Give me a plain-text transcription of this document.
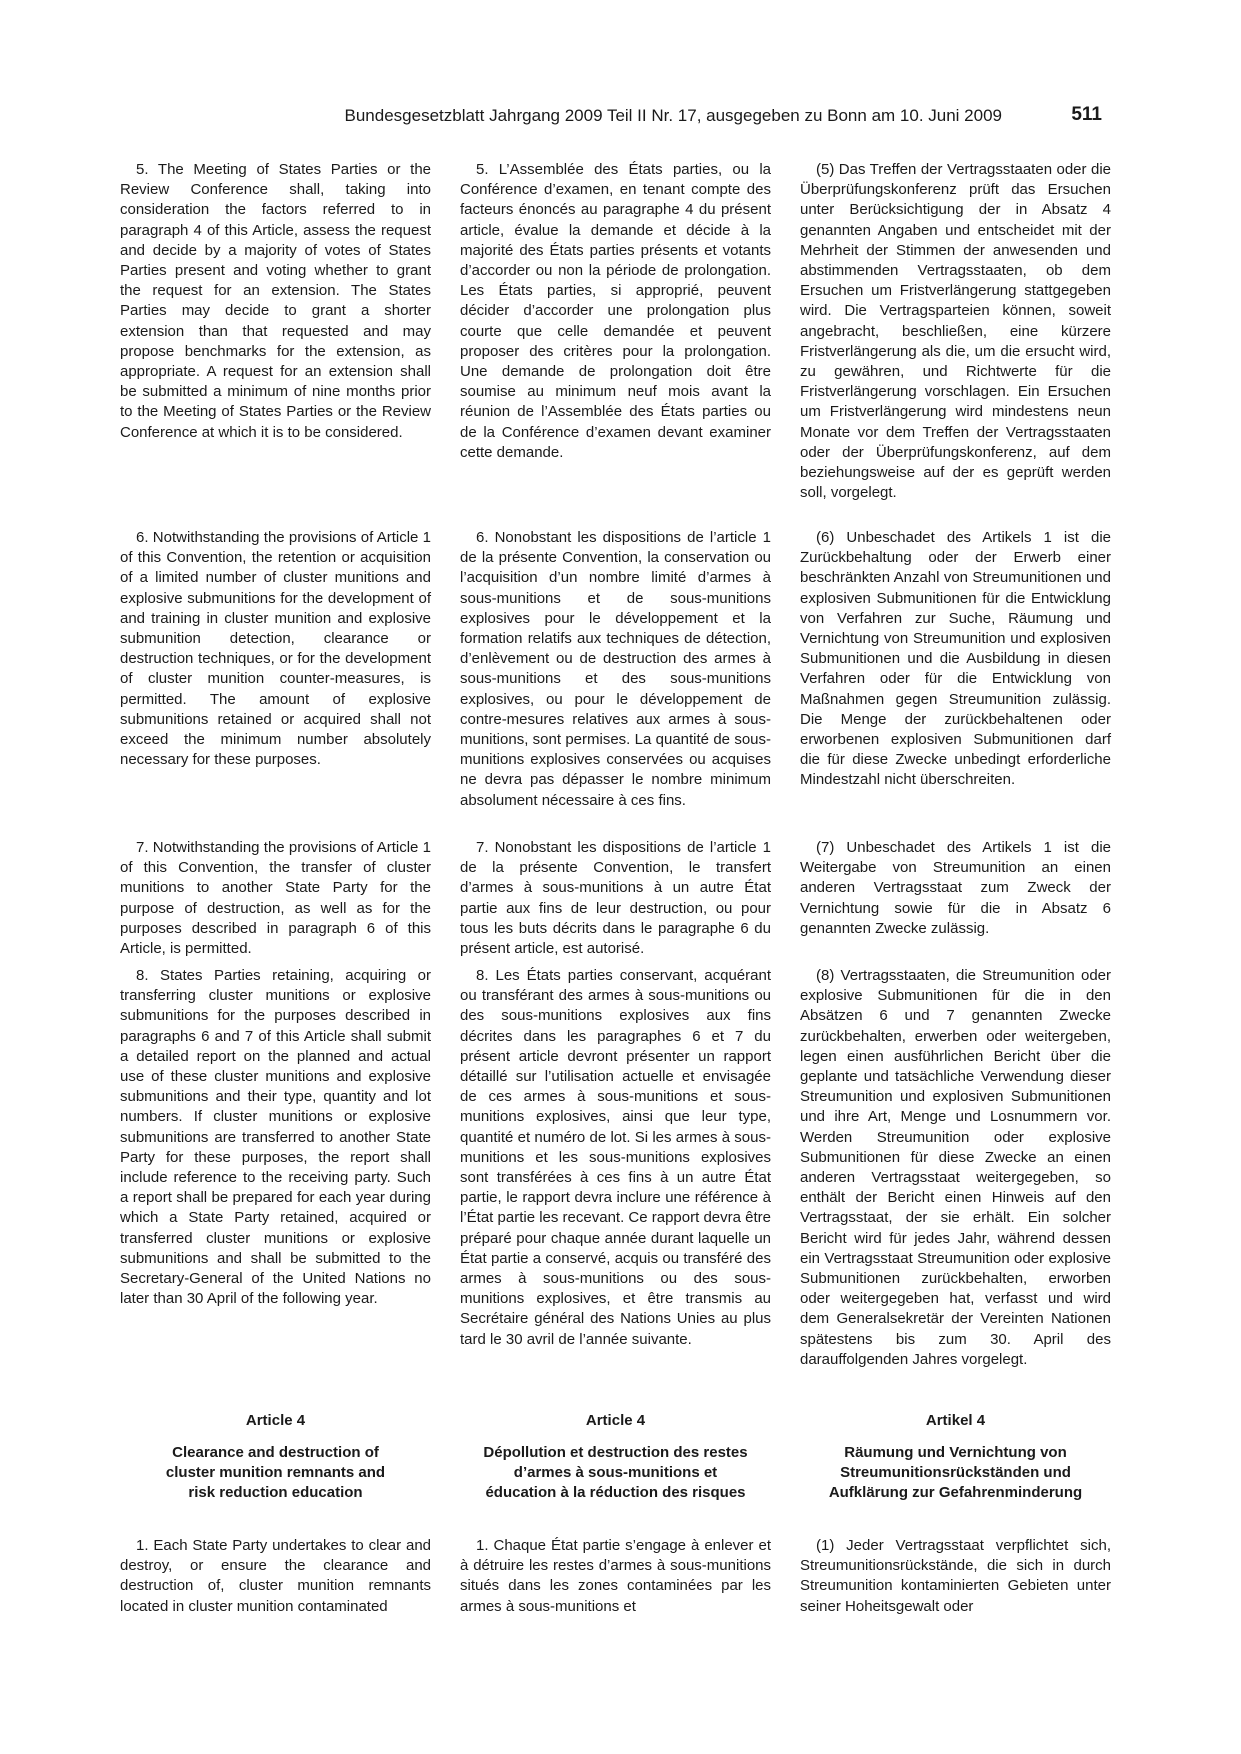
Bundesgesetzblatt Jahrgang 2009 Teil II Nr. 17, ausgegeben zu Bonn am 10. Juni 2009	511

5. The Meeting of States Parties or the Review Conference shall, taking into consideration the factors referred to in paragraph 4 of this Article, assess the request and decide by a majority of votes of States Parties present and voting whether to grant the request for an extension. The States Parties may decide to grant a shorter extension than that requested and may propose benchmarks for the extension, as appropriate. A request for an extension shall be submitted a minimum of nine months prior to the Meeting of States Parties or the Review Conference at which it is to be considered.

5. L’Assemblée des États parties, ou la Conférence d’examen, en tenant compte des facteurs énoncés au paragraphe 4 du présent article, évalue la demande et décide à la majorité des États parties présents et votants d’accorder ou non la période de prolongation. Les États parties, si approprié, peuvent décider d’accorder une prolongation plus courte que celle demandée et peuvent proposer des critères pour la prolongation. Une demande de prolongation doit être soumise au minimum neuf mois avant la réunion de l’Assemblée des États parties ou de la Conférence d’examen devant examiner cette demande.

(5) Das Treffen der Vertragsstaaten oder die Überprüfungskonferenz prüft das Ersuchen unter Berücksichtigung der in Absatz 4 genannten Angaben und entscheidet mit der Mehrheit der Stimmen der anwesenden und abstimmenden Vertragsstaaten, ob dem Ersuchen um Fristverlängerung stattgegeben wird. Die Vertragsparteien können, soweit angebracht, beschließen, eine kürzere Fristverlängerung als die, um die ersucht wird, zu gewähren, und Richtwerte für die Fristverlängerung vorschlagen. Ein Ersuchen um Fristverlängerung wird mindestens neun Monate vor dem Treffen der Vertragsstaaten oder der Überprüfungskonferenz, auf dem beziehungsweise auf der es geprüft werden soll, vorgelegt.

6. Notwithstanding the provisions of Article 1 of this Convention, the retention or acquisition of a limited number of cluster munitions and explosive submunitions for the development of and training in cluster munition and explosive submunition detection, clearance or destruction techniques, or for the development of cluster munition counter-measures, is permitted. The amount of explosive submunitions retained or acquired shall not exceed the minimum number absolutely necessary for these purposes.

6. Nonobstant les dispositions de l’article 1 de la présente Convention, la conservation ou l’acquisition d’un nombre limité d’armes à sous-munitions et de sous-munitions explosives pour le développement et la formation relatifs aux techniques de détection, d’enlèvement ou de destruction des armes à sous-munitions et des sous-munitions explosives, ou pour le développement de contre-mesures relatives aux armes à sous-munitions, sont permises. La quantité de sous-munitions explosives conservées ou acquises ne devra pas dépasser le nombre minimum absolument nécessaire à ces fins.

(6) Unbeschadet des Artikels 1 ist die Zurückbehaltung oder der Erwerb einer beschränkten Anzahl von Streumunitionen und explosiven Submunitionen für die Entwicklung von Verfahren zur Suche, Räumung und Vernichtung von Streumunition und explosiven Submunitionen und die Ausbildung in diesen Verfahren oder für die Entwicklung von Maßnahmen gegen Streumunition zulässig. Die Menge der zurückbehaltenen oder erworbenen explosiven Submunitionen darf die für diese Zwecke unbedingt erforderliche Mindestzahl nicht überschreiten.

7. Notwithstanding the provisions of Article 1 of this Convention, the transfer of cluster munitions to another State Party for the purpose of destruction, as well as for the purposes described in paragraph 6 of this Article, is permitted.

7. Nonobstant les dispositions de l’article 1 de la présente Convention, le transfert d’armes à sous-munitions à un autre État partie aux fins de leur destruction, ou pour tous les buts décrits dans le paragraphe 6 du présent article, est autorisé.

(7) Unbeschadet des Artikels 1 ist die Weitergabe von Streumunition an einen anderen Vertragsstaat zum Zweck der Vernichtung sowie für die in Absatz 6 genannten Zwecke zulässig.

8. States Parties retaining, acquiring or transferring cluster munitions or explosive submunitions for the purposes described in paragraphs 6 and 7 of this Article shall submit a detailed report on the planned and actual use of these cluster munitions and explosive submunitions and their type, quantity and lot numbers. If cluster munitions or explosive submunitions are transferred to another State Party for these purposes, the report shall include reference to the receiving party. Such a report shall be prepared for each year during which a State Party retained, acquired or transferred cluster munitions or explosive submunitions and shall be submitted to the Secretary-General of the United Nations no later than 30 April of the following year.

8. Les États parties conservant, acquérant ou transférant des armes à sous-munitions ou des sous-munitions explosives aux fins décrites dans les paragraphes 6 et 7 du présent article devront présenter un rapport détaillé sur l’utilisation actuelle et envisagée de ces armes à sous-munitions et sous-munitions explosives, ainsi que leur type, quantité et numéro de lot. Si les armes à sous-munitions et les sous-munitions explosives sont transférées à ces fins à un autre État partie, le rapport devra inclure une référence à l’État partie les recevant. Ce rapport devra être préparé pour chaque année durant laquelle un État partie a conservé, acquis ou transféré des armes à sous-munitions ou des sous-munitions explosives, et être transmis au Secrétaire général des Nations Unies au plus tard le 30 avril de l’année suivante.

(8) Vertragsstaaten, die Streumunition oder explosive Submunitionen für die in den Absätzen 6 und 7 genannten Zwecke zurückbehalten, erwerben oder weitergeben, legen einen ausführlichen Bericht über die geplante und tatsächliche Verwendung dieser Streumunition und explosiven Submunitionen und ihre Art, Menge und Losnummern vor. Werden Streumunition oder explosive Submunitionen für diese Zwecke an einen anderen Vertragsstaat weitergegeben, so enthält der Bericht einen Hinweis auf den Vertragsstaat, der sie erhält. Ein solcher Bericht wird für jedes Jahr, während dessen ein Vertragsstaat Streumunition oder explosive Submunitionen zurückbehalten, erworben oder weitergegeben hat, verfasst und wird dem Generalsekretär der Vereinten Nationen spätestens bis zum 30. April des darauffolgenden Jahres vorgelegt.

Article 4	Article 4	Artikel 4
Clearance and destruction of cluster munition remnants and risk reduction education
Dépollution et destruction des restes d’armes à sous-munitions et éducation à la réduction des risques
Räumung und Vernichtung von Streumunitionsrückständen und Aufklärung zur Gefahrenminderung

1. Each State Party undertakes to clear and destroy, or ensure the clearance and destruction of, cluster munition remnants located in cluster munition contaminated

1. Chaque État partie s’engage à enlever et à détruire les restes d’armes à sous-munitions situés dans les zones contaminées par les armes à sous-munitions et

(1) Jeder Vertragsstaat verpflichtet sich, Streumunitionsrückstände, die sich in durch Streumunition kontaminierten Gebieten unter seiner Hoheitsgewalt oder
